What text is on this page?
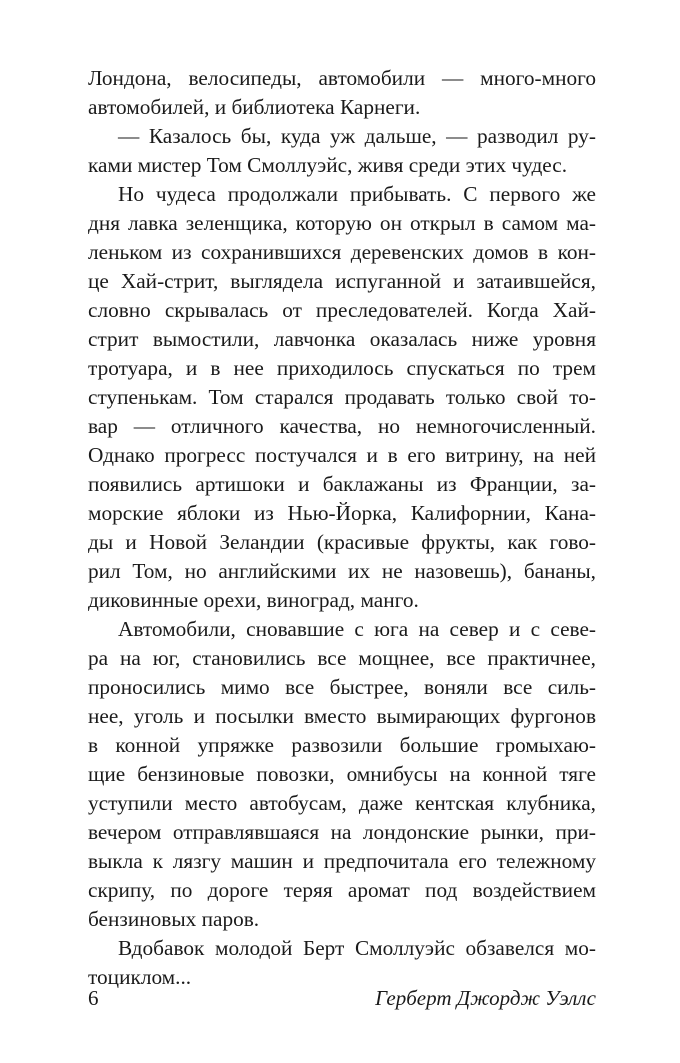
Лондона, велосипеды, автомобили — много-много
автомобилей, и библиотека Карнеги.
— Казалось бы, куда уж дальше, — разводил ру-
ками мистер Том Смоллуэйс, живя среди этих чудес.
Но чудеса продолжали прибывать. С первого же
дня лавка зеленщика, которую он открыл в самом ма-
леньком из сохранившихся деревенских домов в кон-
це Хай-стрит, выглядела испуганной и затаившейся,
словно скрывалась от преследователей. Когда Хай-
стрит вымостили, лавчонка оказалась ниже уровня
тротуара, и в нее приходилось спускаться по трем
ступенькам. Том старался продавать только свой то-
вар — отличного качества, но немногочисленный.
Однако прогресс постучался и в его витрину, на ней
появились артишоки и баклажаны из Франции, за-
морские яблоки из Нью-Йорка, Калифорнии, Кана-
ды и Новой Зеландии (красивые фрукты, как гово-
рил Том, но английскими их не назовешь), бананы,
диковинные орехи, виноград, манго.
Автомобили, сновавшие с юга на север и с севе-
ра на юг, становились все мощнее, все практичнее,
проносились мимо все быстрее, воняли все силь-
нее, уголь и посылки вместо вымирающих фургонов
в конной упряжке развозили большие громыхаю-
щие бензиновые повозки, омнибусы на конной тяге
уступили место автобусам, даже кентская клубника,
вечером отправлявшаяся на лондонские рынки, при-
выкла к лязгу машин и предпочитала его тележному
скрипу, по дороге теряя аромат под воздействием
бензиновых паров.
Вдобавок молодой Берт Смоллуэйс обзавелся мо-
тоциклом...
6	Герберт Джордж Уэллс
